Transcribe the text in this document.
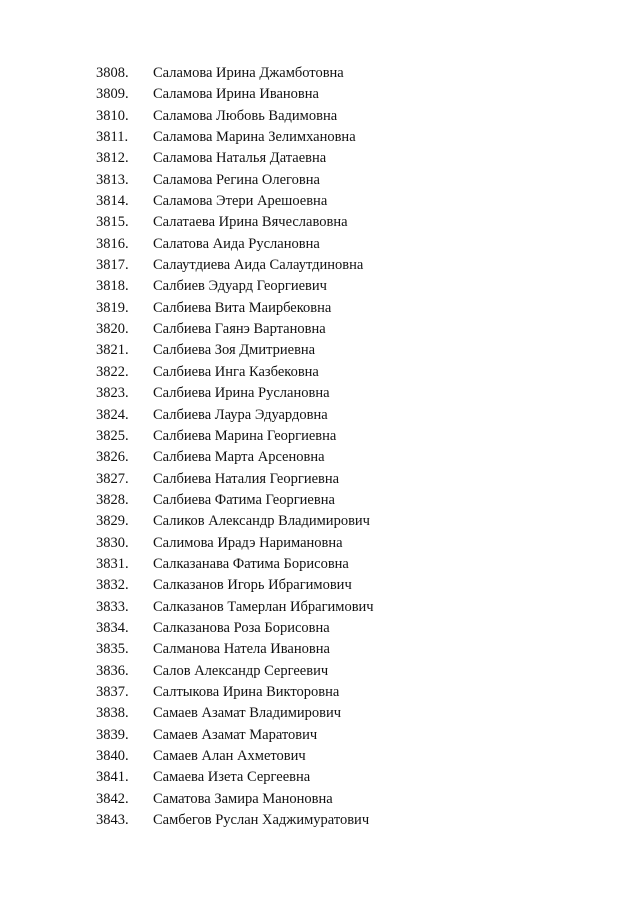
3808. Саламова Ирина Джамботовна
3809. Саламова Ирина Ивановна
3810. Саламова Любовь Вадимовна
3811. Саламова Марина Зелимхановна
3812. Саламова Наталья Датаевна
3813. Саламова Регина Олеговна
3814. Саламова Этери Арешоевна
3815. Салатаева Ирина Вячеславовна
3816. Салатова Аида Руслановна
3817. Салаутдиева Аида Салаутдиновна
3818. Салбиев Эдуард Георгиевич
3819. Салбиева Вита Маирбековна
3820. Салбиева Гаянэ Вартановна
3821. Салбиева Зоя Дмитриевна
3822. Салбиева Инга Казбековна
3823. Салбиева Ирина Руслановна
3824. Салбиева Лаура Эдуардовна
3825. Салбиева Марина Георгиевна
3826. Салбиева Марта Арсеновна
3827. Салбиева Наталия Георгиевна
3828. Салбиева Фатима Георгиевна
3829. Саликов Александр Владимирович
3830. Салимова Ирадэ Наримановна
3831. Салказанава Фатима Борисовна
3832. Салказанов Игорь Ибрагимович
3833. Салказанов Тамерлан Ибрагимович
3834. Салказанова Роза Борисовна
3835. Салманова Натела Ивановна
3836. Салов Александр Сергеевич
3837. Салтыкова Ирина Викторовна
3838. Самаев Азамат Владимирович
3839. Самаев Азамат Маратович
3840. Самаев Алан Ахметович
3841. Самаева Изета Сергеевна
3842. Саматова Замира Маноновна
3843. Самбегов Руслан Хаджимуратович
